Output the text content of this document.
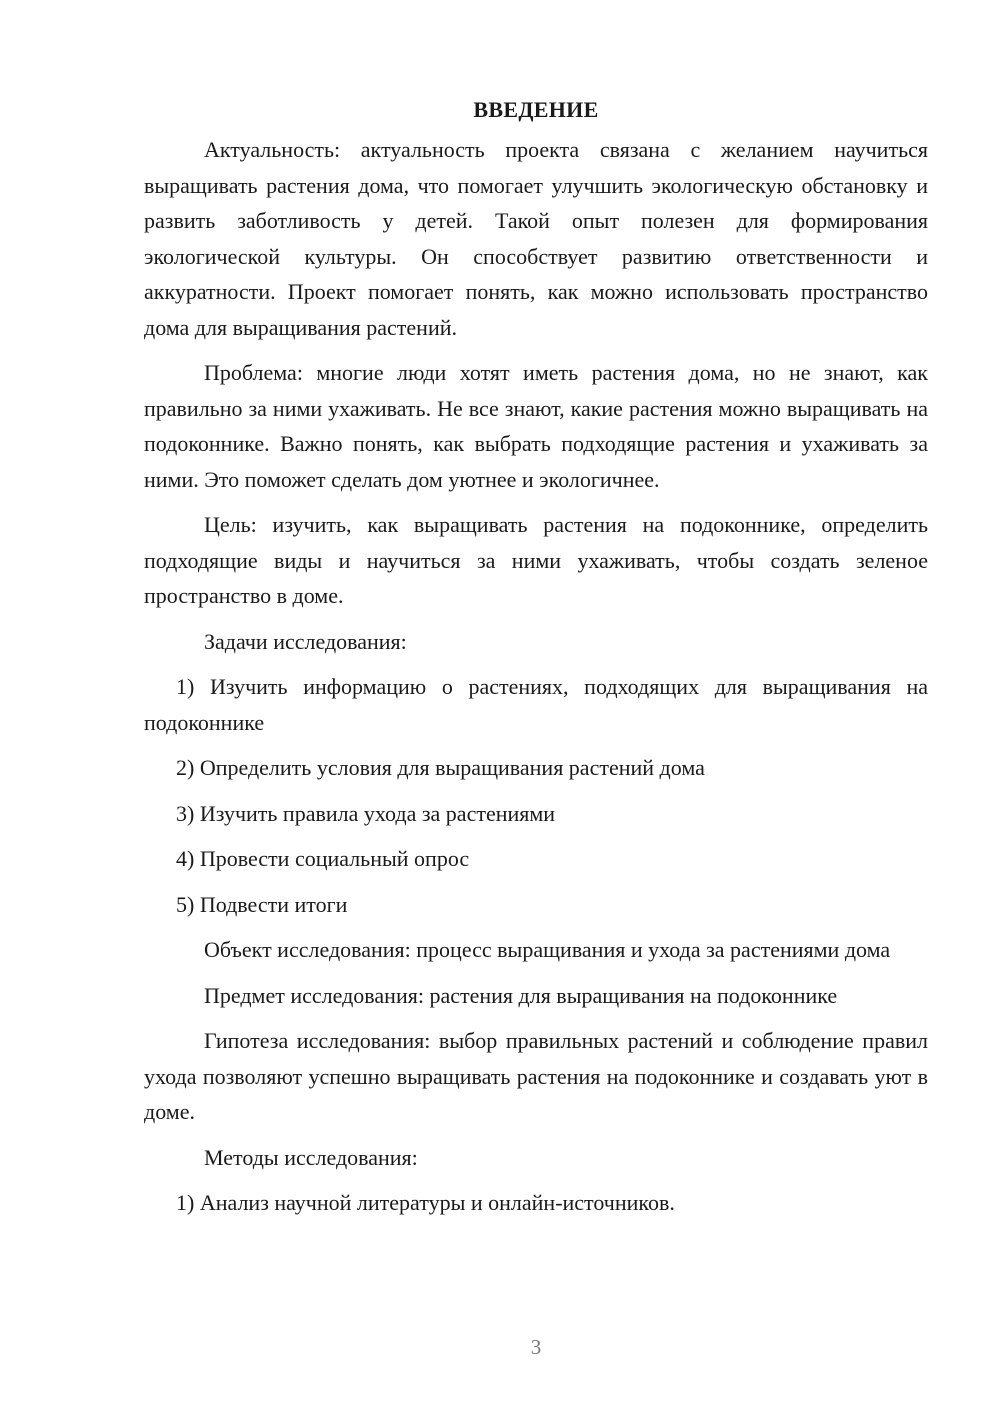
ВВЕДЕНИЕ

Актуальность: актуальность проекта связана с желанием научиться выращивать растения дома, что помогает улучшить экологическую обстановку и развить заботливость у детей. Такой опыт полезен для формирования экологической культуры. Он способствует развитию ответственности и аккуратности. Проект помогает понять, как можно использовать пространство дома для выращивания растений.

Проблема: многие люди хотят иметь растения дома, но не знают, как правильно за ними ухаживать. Не все знают, какие растения можно выращивать на подоконнике. Важно понять, как выбрать подходящие растения и ухаживать за ними. Это поможет сделать дом уютнее и экологичнее.

Цель: изучить, как выращивать растения на подоконнике, определить подходящие виды и научиться за ними ухаживать, чтобы создать зеленое пространство в доме.

Задачи исследования:

1) Изучить информацию о растениях, подходящих для выращивания на подоконнике

2) Определить условия для выращивания растений дома

3) Изучить правила ухода за растениями

4) Провести социальный опрос

5) Подвести итоги

Объект исследования: процесс выращивания и ухода за растениями дома

Предмет исследования: растения для выращивания на подоконнике

Гипотеза исследования: выбор правильных растений и соблюдение правил ухода позволяют успешно выращивать растения на подоконнике и создавать уют в доме.

Методы исследования:

1) Анализ научной литературы и онлайн-источников.

3
